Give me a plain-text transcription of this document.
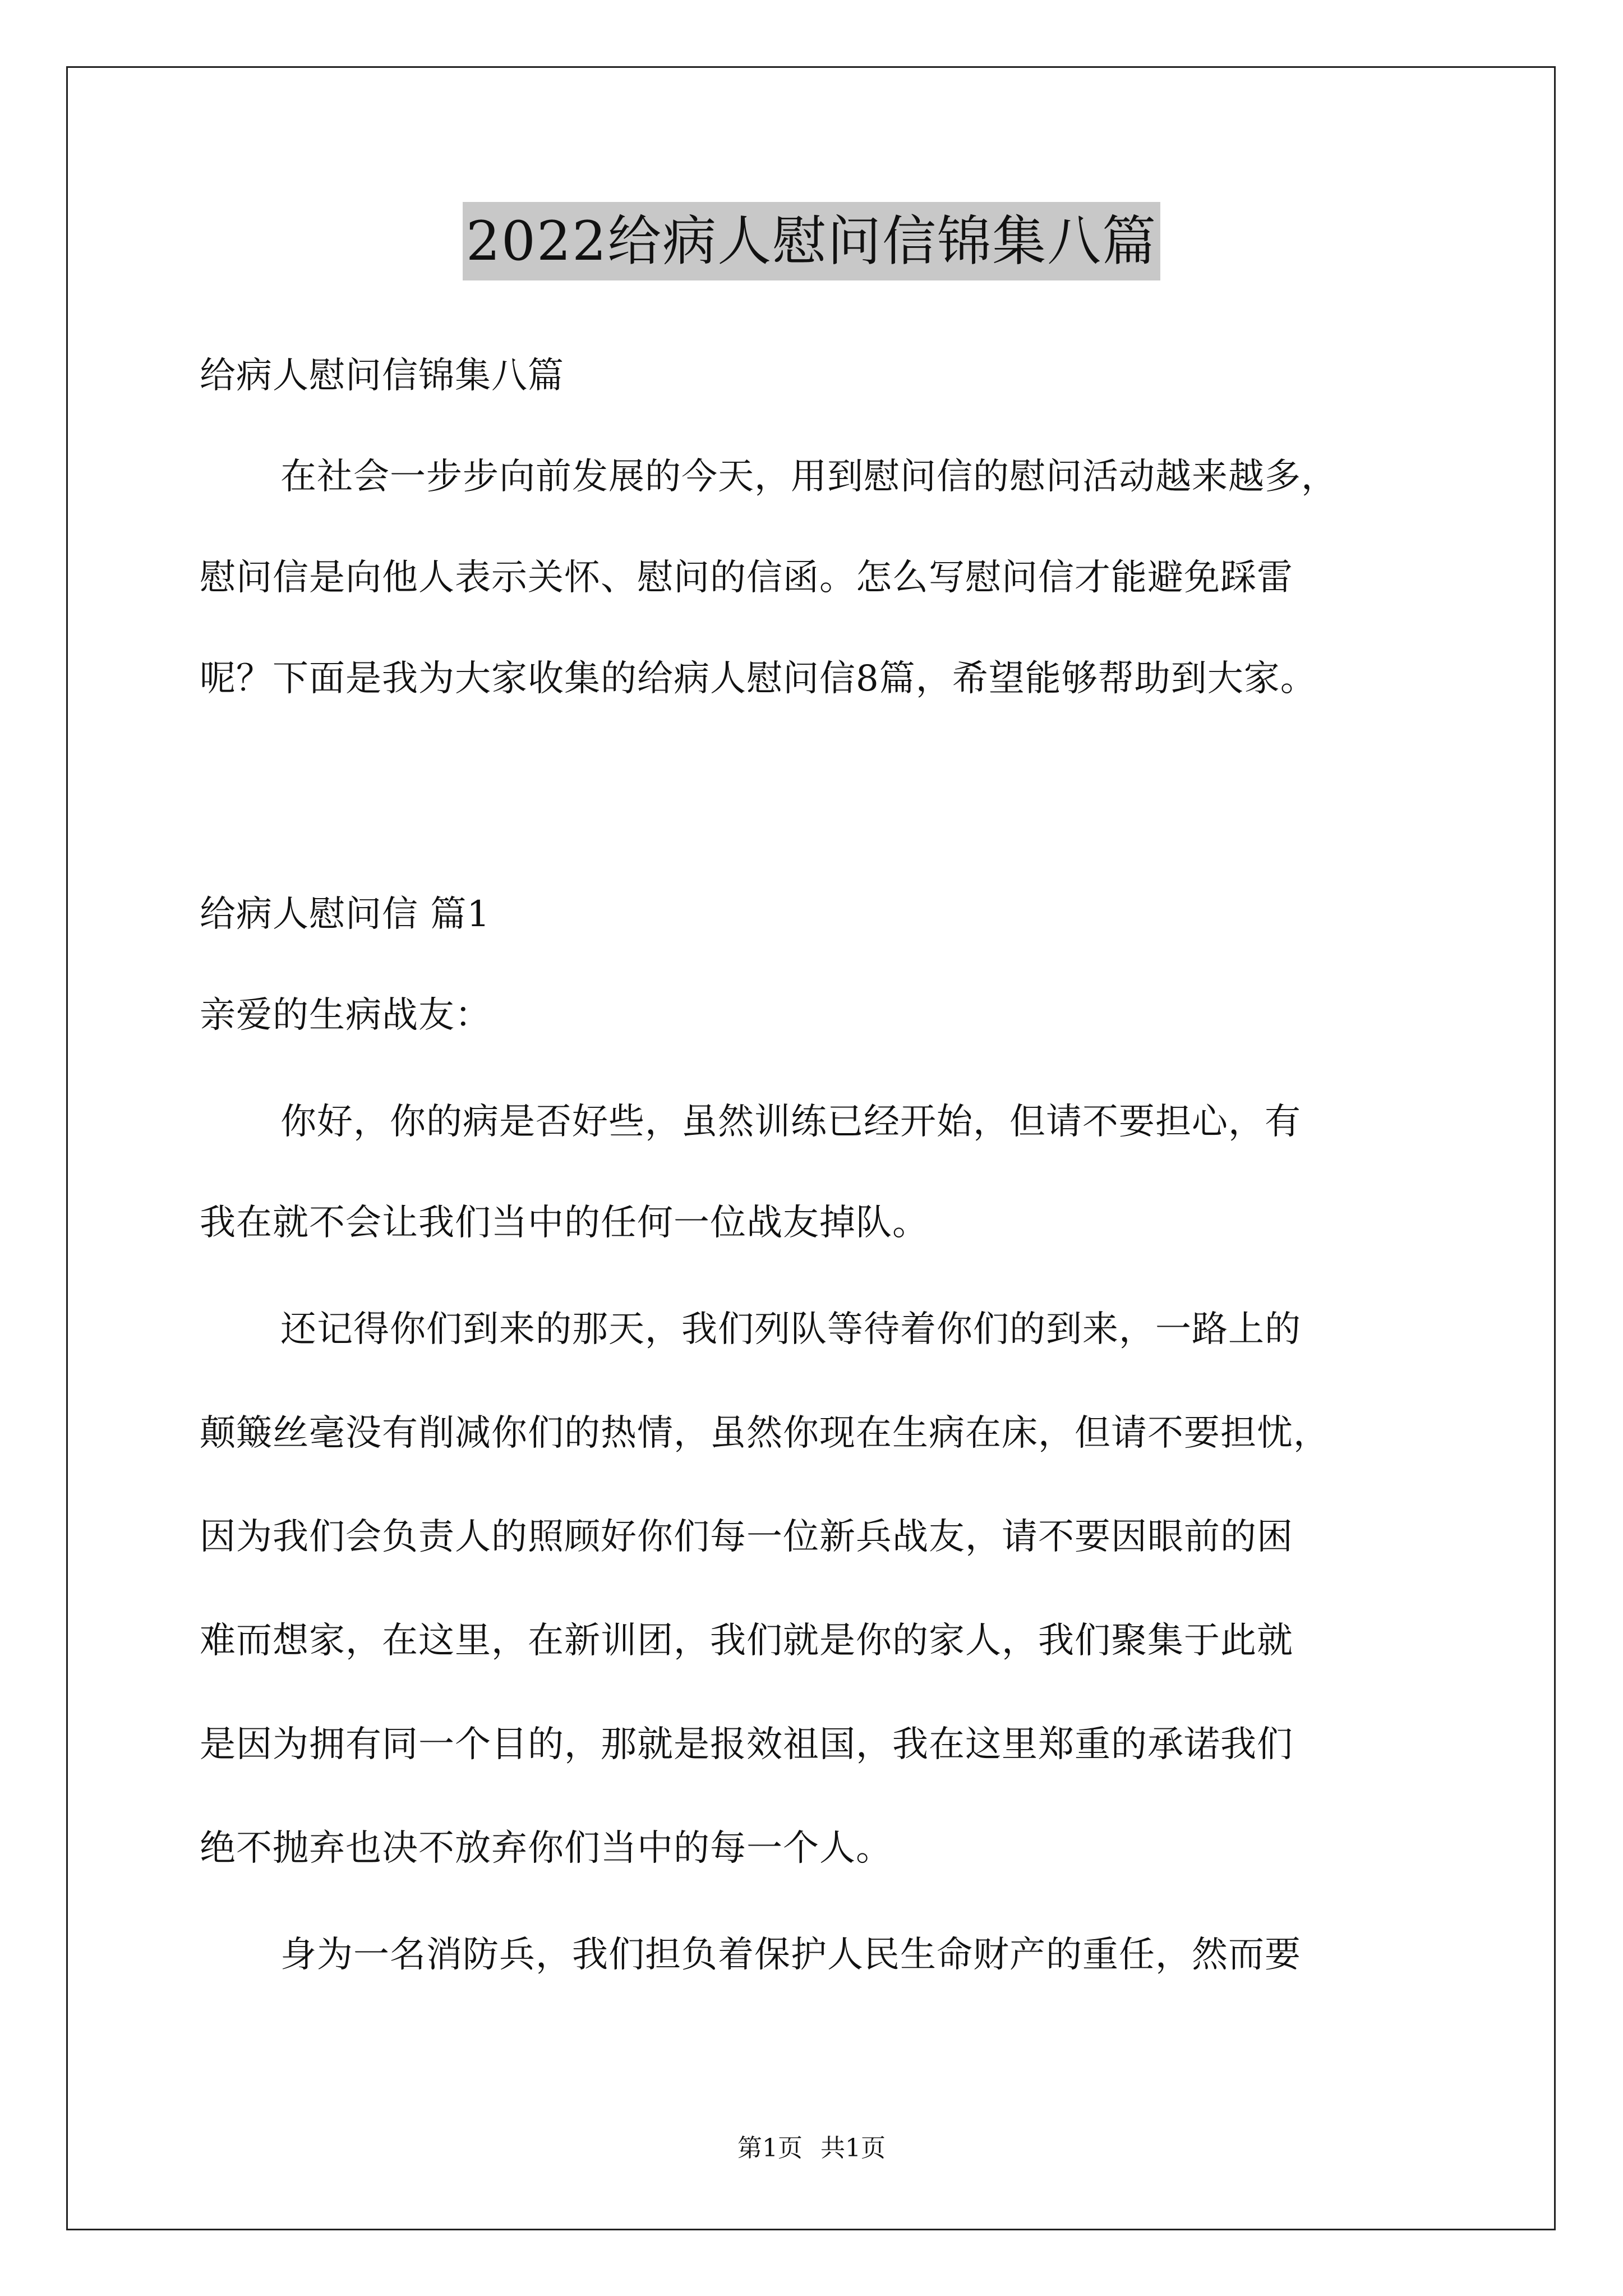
2022给病人慰问信锦集八篇
给病人慰问信锦集八篇
在社会一步步向前发展的今天，用到慰问信的慰问活动越来越多，
慰问信是向他人表示关怀、慰问的信函。怎么写慰问信才能避免踩雷
呢？下面是我为大家收集的给病人慰问信8篇，希望能够帮助到大家。
给病人慰问信 篇1
亲爱的生病战友：
你好，你的病是否好些，虽然训练已经开始，但请不要担心，有
我在就不会让我们当中的任何一位战友掉队。
还记得你们到来的那天，我们列队等待着你们的到来，一路上的
颠簸丝毫没有削减你们的热情，虽然你现在生病在床，但请不要担忧，
因为我们会负责人的照顾好你们每一位新兵战友，请不要因眼前的困
难而想家，在这里，在新训团，我们就是你的家人，我们聚集于此就
是因为拥有同一个目的，那就是报效祖国，我在这里郑重的承诺我们
绝不抛弃也决不放弃你们当中的每一个人。
身为一名消防兵，我们担负着保护人民生命财产的重任，然而要
第1页 共1页
